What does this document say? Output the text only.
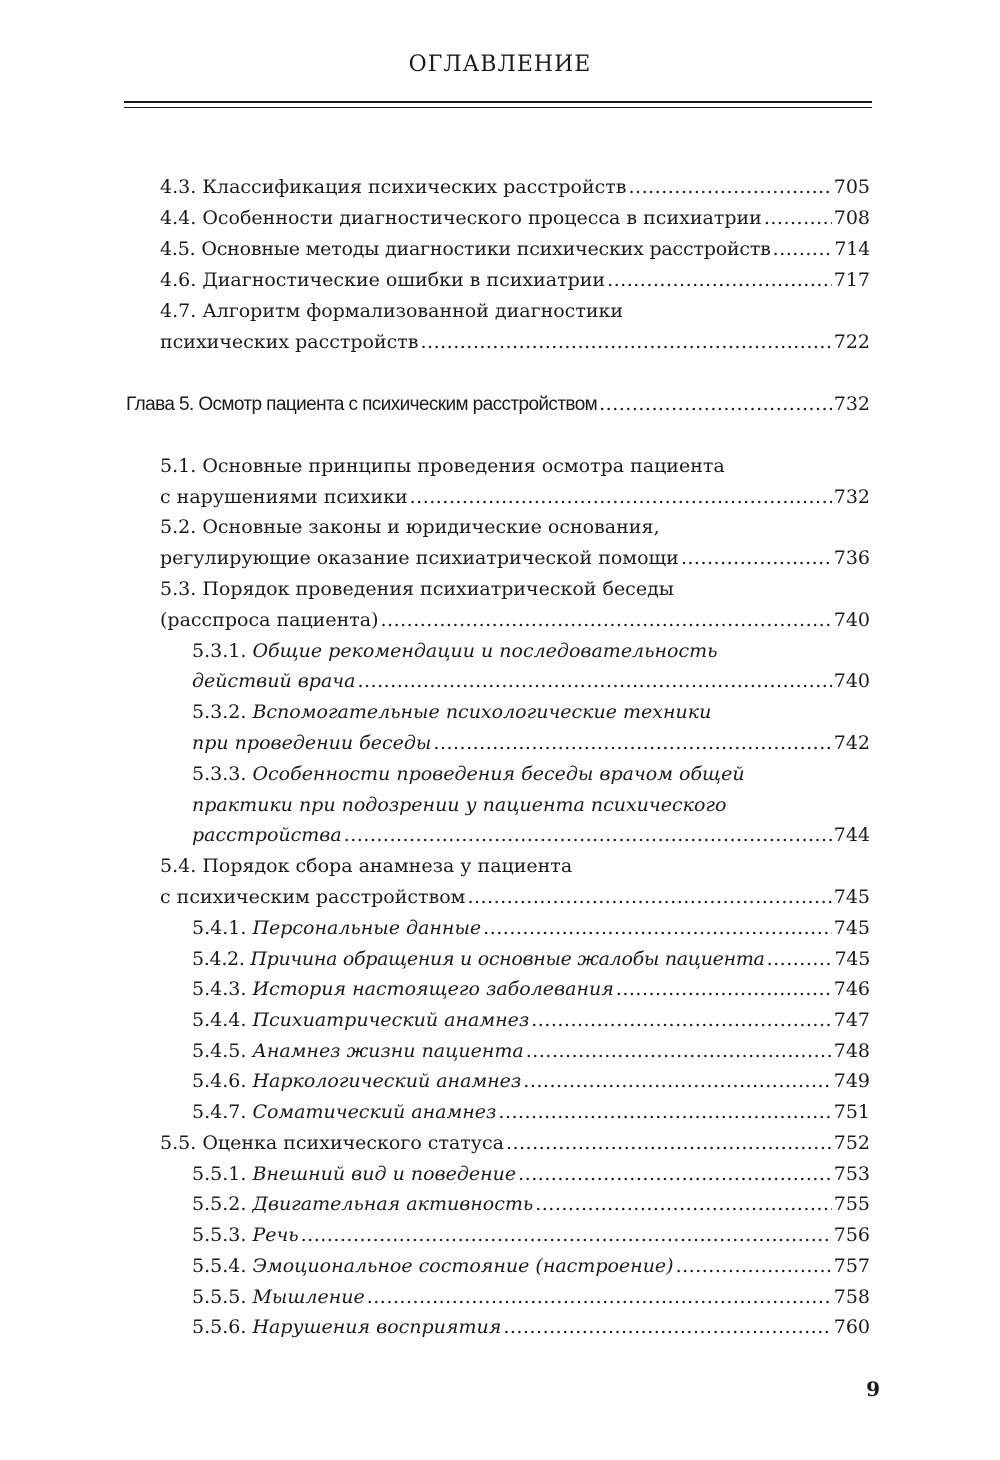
ОГЛАВЛЕНИЕ
4.3. Классификация психических расстройств .....	705
4.4. Особенности диагностического процесса в психиатрии .....	708
4.5. Основные методы диагностики психических расстройств .....	714
4.6. Диагностические ошибки в психиатрии .....	717
4.7.
Алгоритм формализованной диагностики
психических расстройств .....	722
Глава 5. Осмотр пациента с психическим расстройством .....	732
5.1.
Основные принципы проведения осмотра пациента
с нарушениями психики .....	732
5.2.
Основные законы и юридические основания,
регулирующие оказание психиатрической помощи .....	736
5.3.
Порядок проведения психиатрической беседы
(расспроса пациента) .....	740
5.3.1.
Общие рекомендации и последовательность
действий врача .....	740
5.3.2.
Вспомогательные психологические техники
при проведении беседы .....	742
5.3.3.
Особенности проведения беседы врачом общей
практики при подозрении у пациента психического
расстройства .....	744
5.4.
Порядок сбора анамнеза у пациента
с психическим расстройством .....	745
5.4.1. Персональные данные .....	745
5.4.2. Причина обращения и основные жалобы пациента .....	745
5.4.3. История настоящего заболевания .....	746
5.4.4. Психиатрический анамнез .....	747
5.4.5. Анамнез жизни пациента .....	748
5.4.6. Наркологический анамнез .....	749
5.4.7. Соматический анамнез .....	751
5.5. Оценка психического статуса .....	752
5.5.1. Внешний вид и поведение .....	753
5.5.2. Двигательная активность .....	755
5.5.3. Речь .....	756
5.5.4. Эмоциональное состояние (настроение) .....	757
5.5.5. Мышление .....	758
5.5.6. Нарушения восприятия .....	760
9
